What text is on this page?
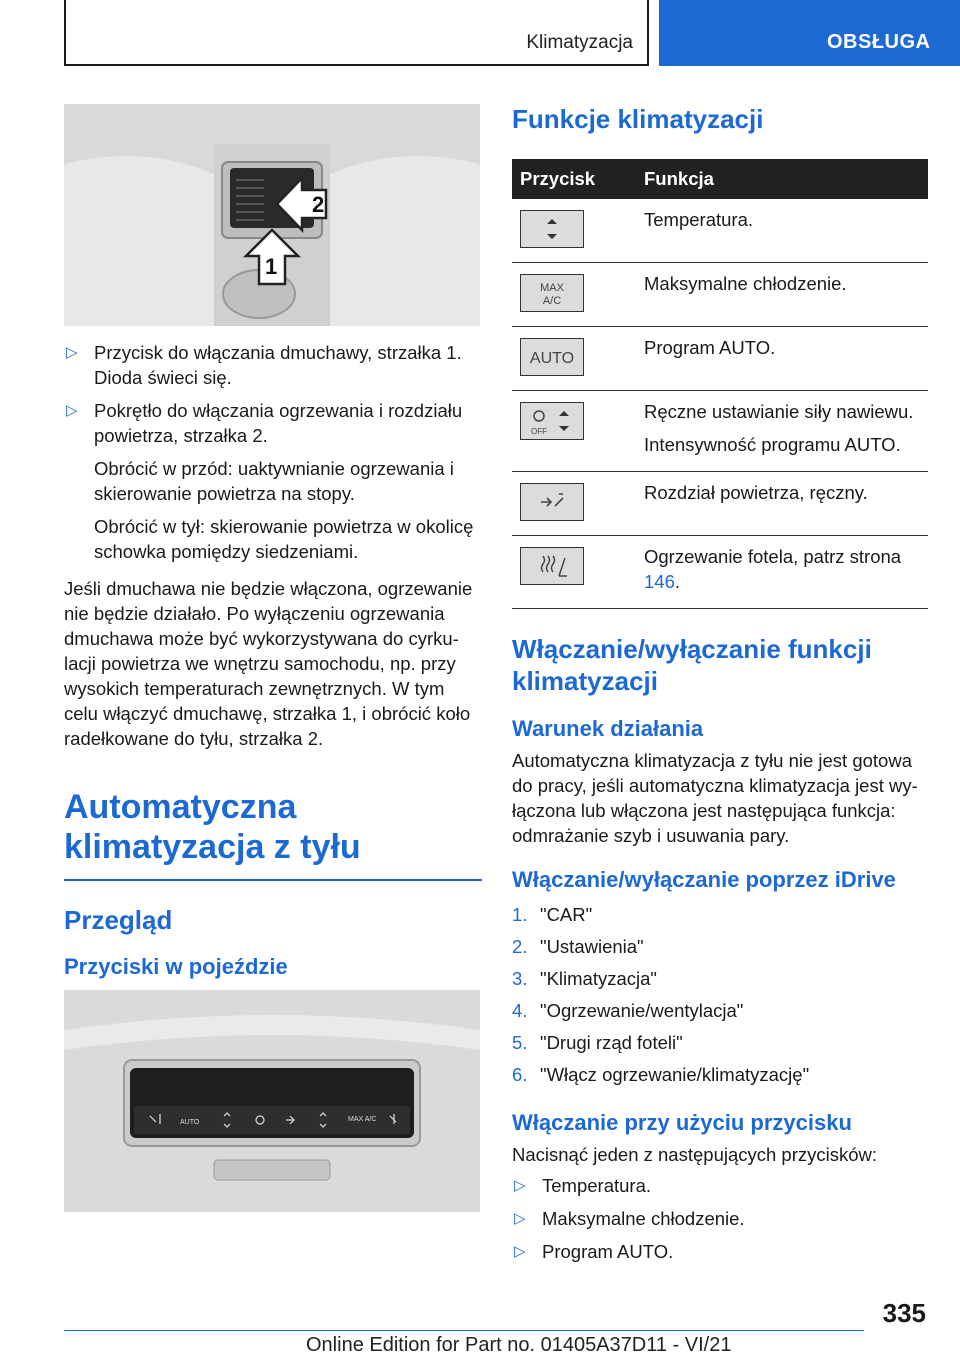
Klimatyzacja	OBSŁUGA
2
1
▷ Przycisk do włączania dmuchawy, strzałka 1. Dioda świeci się.
▷ Pokrętło do włączania ogrzewania i rozdziału powietrza, strzałka 2.

Obrócić w przód: uaktywnianie ogrzewania i skierowanie powietrza na stopy.

Obrócić w tył: skierowanie powietrza w okolicę schowka pomiędzy siedzeniami.

Jeśli dmuchawa nie będzie włączona, ogrzewanie nie będzie działało. Po wyłączeniu ogrzewania dmuchawa może być wykorzystywana do cyrkulacji powietrza we wnętrzu samochodu, np. przy wysokich temperaturach zewnętrznych. W tym celu włączyć dmuchawę, strzałka 1, i obrócić koło radełkowane do tyłu, strzałka 2.

Automatyczna klimatyzacja z tyłu
Przegląd
Przyciski w pojeździe
AUTO	MAX A/C
Funkcje klimatyzacji
Przycisk	Funkcja

	Temperatura.

MAX
A/C	Maksymalne chłodzenie.

AUTO	Program AUTO.

OFF	Ręczne ustawianie siły nawiewu.
Intensywność programu AUTO.

	Rozdział powietrza, ręczny.

	Ogrzewanie fotela, patrz strona 146.
Włączanie/wyłączanie funkcji klimatyzacji
Warunek działania

Automatyczna klimatyzacja z tyłu nie jest gotowa do pracy, jeśli automatyczna klimatyzacja jest wyłączona lub włączona jest następująca funkcja: odmrażanie szyb i usuwania pary.

Włączanie/wyłączanie poprzez iDrive
1. "CAR"
2. "Ustawienia"
3. "Klimatyzacja"
4. "Ogrzewanie/wentylacja"
5. "Drugi rząd foteli"
6. "Włącz ogrzewanie/klimatyzację"
Włączanie przy użyciu przycisku

Nacisnąć jeden z następujących przycisków:

▷ Temperatura.
▷ Maksymalne chłodzenie.
▷ Program AUTO.
335
Online Edition for Part no. 01405A37D11 - VI/21
